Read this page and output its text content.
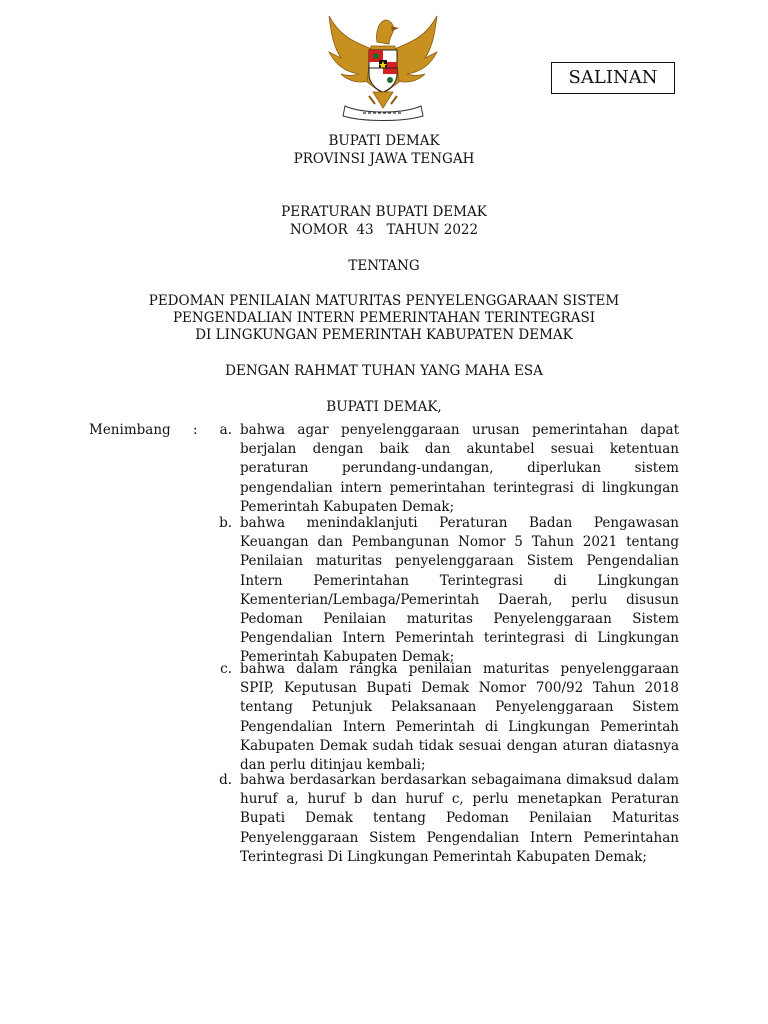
SALINAN

BUPATI DEMAK

PROVINSI JAWA TENGAH

PERATURAN BUPATI DEMAK

NOMOR  43   TAHUN 2022

TENTANG

PEDOMAN PENILAIAN MATURITAS PENYELENGGARAAN SISTEM

PENGENDALIAN INTERN PEMERINTAHAN TERINTEGRASI

DI LINGKUNGAN PEMERINTAH KABUPATEN DEMAK

DENGAN RAHMAT TUHAN YANG MAHA ESA

BUPATI DEMAK,

Menimbang :	a. bahwa agar penyelenggaraan urusan pemerintahan dapat berjalan dengan baik dan akuntabel sesuai ketentuan peraturan perundang-undangan, diperlukan sistem pengendalian intern pemerintahan terintegrasi di lingkungan Pemerintah Kabupaten Demak;

b. bahwa menindaklanjuti Peraturan Badan Pengawasan Keuangan dan Pembangunan Nomor 5 Tahun 2021 tentang Penilaian maturitas penyelenggaraan Sistem Pengendalian Intern Pemerintahan Terintegrasi di Lingkungan Kementerian/Lembaga/Pemerintah Daerah, perlu disusun Pedoman Penilaian maturitas Penyelenggaraan Sistem Pengendalian Intern Pemerintah terintegrasi di Lingkungan Pemerintah Kabupaten Demak;

c. bahwa dalam rangka penilaian maturitas penyelenggaraan SPIP, Keputusan Bupati Demak Nomor 700/92 Tahun 2018 tentang Petunjuk Pelaksanaan Penyelenggaraan Sistem Pengendalian Intern Pemerintah di Lingkungan Pemerintah Kabupaten Demak sudah tidak sesuai dengan aturan diatasnya dan perlu ditinjau kembali;

d. bahwa berdasarkan berdasarkan sebagaimana dimaksud dalam huruf a, huruf b dan huruf c, perlu menetapkan Peraturan Bupati Demak tentang Pedoman Penilaian Maturitas Penyelenggaraan Sistem Pengendalian Intern Pemerintahan Terintegrasi Di Lingkungan Pemerintah Kabupaten Demak;
